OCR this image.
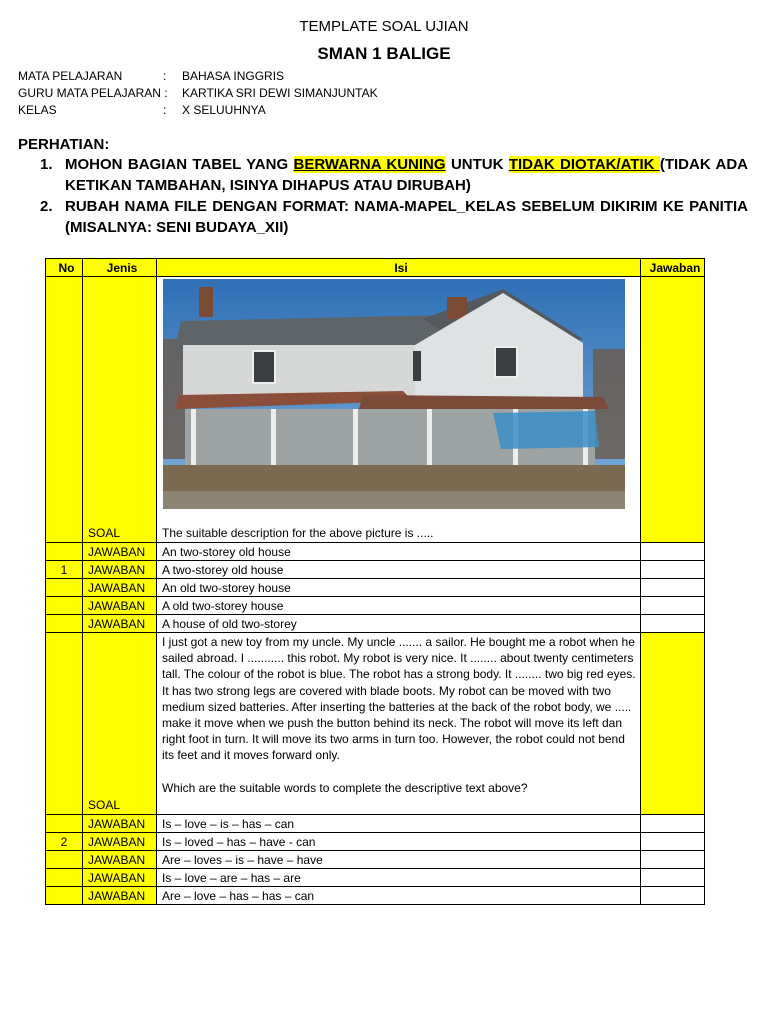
TEMPLATE SOAL UJIAN
SMAN 1 BALIGE
MATA PELAJARAN	: BAHASA INGGRIS
GURU MATA PELAJARAN : KARTIKA SRI DEWI SIMANJUNTAK
KELAS	: X SELUUHNYA
PERHATIAN:
1. MOHON BAGIAN TABEL YANG BERWARNA KUNING UNTUK TIDAK DIOTAK/ATIK (TIDAK ADA KETIKAN TAMBAHAN, ISINYA DIHAPUS ATAU DIRUBAH)
2. RUBAH NAMA FILE DENGAN FORMAT: NAMA-MAPEL_KELAS SEBELUM DIKIRIM KE PANITIA (MISALNYA: SENI BUDAYA_XII)
No	Jenis	Isi	Jawaban
	SOAL	The suitable description for the above picture is .....	
	JAWABAN	An two-storey old house	
1	JAWABAN	A two-storey old house	
	JAWABAN	An old two-storey house	
	JAWABAN	A old two-storey house	
	JAWABAN	A house of old two-storey	
	SOAL	I just got a new toy from my uncle. My uncle ....... a sailor. He bought me a robot when he sailed abroad. I ........... this robot. My robot is very nice. It ........ about twenty centimeters tall. The colour of the robot is blue. The robot has a strong body. It ........ two big red eyes. It has two strong legs are covered with blade boots. My robot can be moved with two medium sized batteries. After inserting the batteries at the back of the robot body, we ..... make it move when we push the button behind its neck. The robot will move its left dan right foot in turn. It will move its two arms in turn too. However, the robot could not bend its feet and it moves forward only.
Which are the suitable words to complete the descriptive text above?	

	JAWABAN	Is – love – is – has – can	
2	JAWABAN	Is – loved – has – have - can	
	JAWABAN	Are – loves – is – have – have	
	JAWABAN	Is – love – are – has – are	
	JAWABAN	Are – love – has – has – can	
